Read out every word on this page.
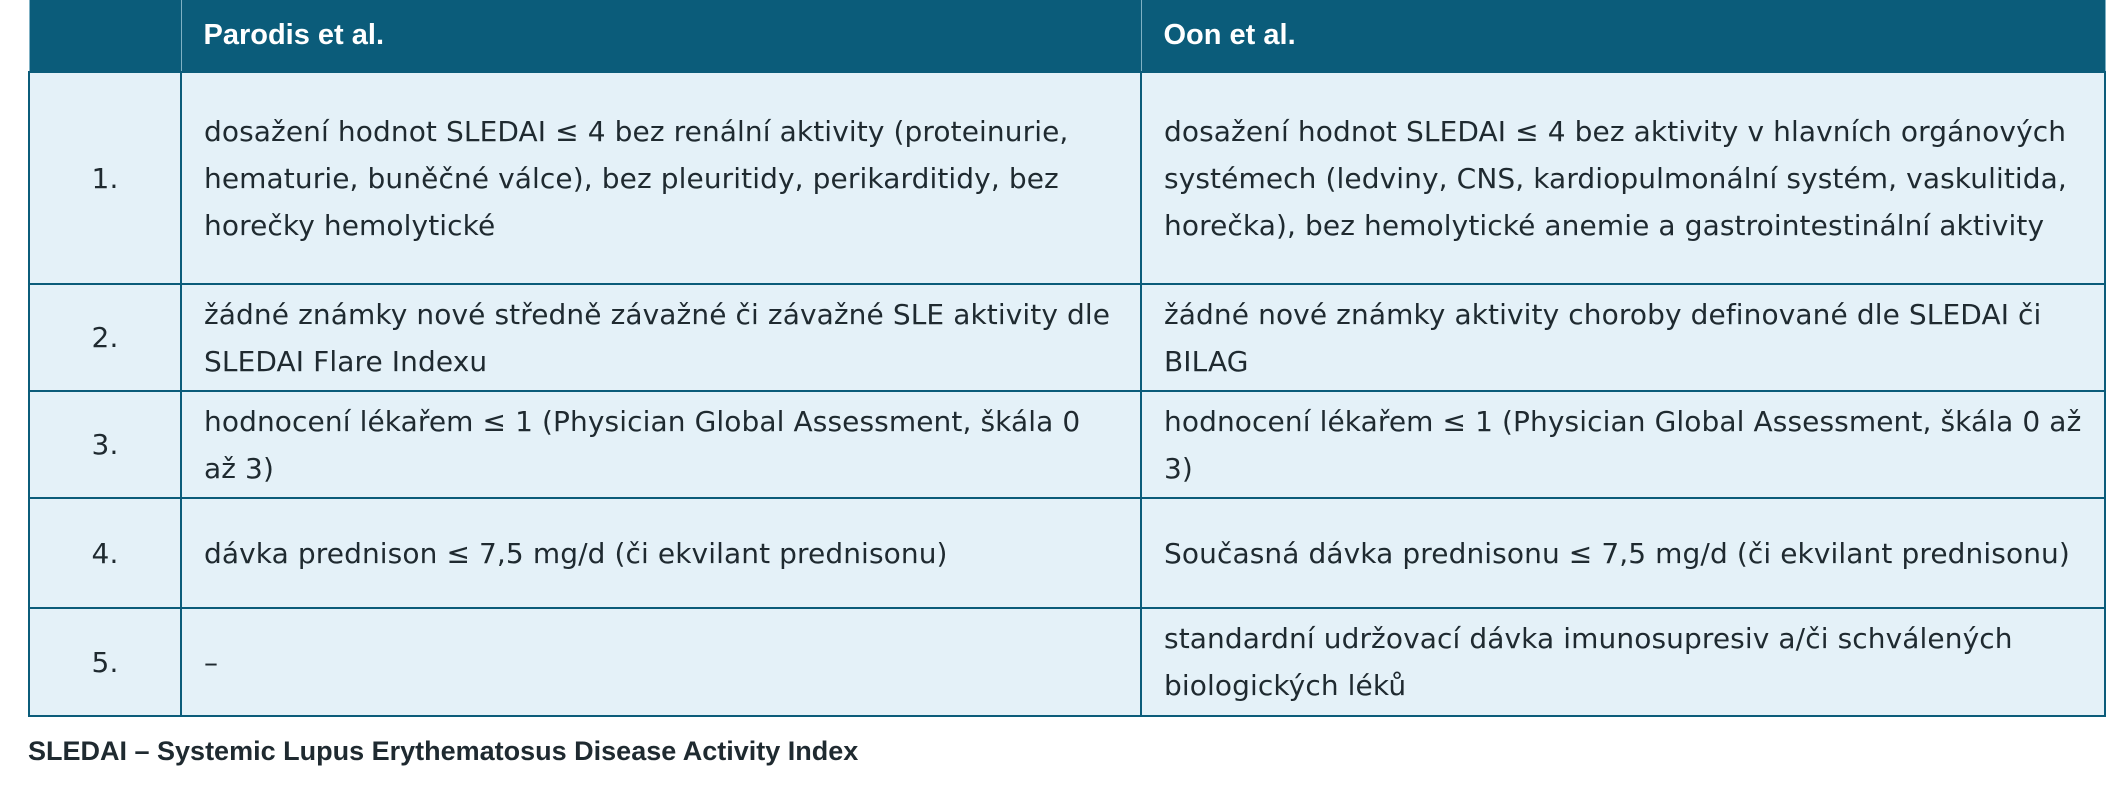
	Parodis et al.	Oon et al.
1.	dosažení hodnot SLEDAI ≤ 4 bez renální aktivity (proteinurie, hematurie, buněčné válce), bez pleuritidy, perikarditidy, bez horečky hemolytické	dosažení hodnot SLEDAI ≤ 4 bez aktivity v hlavních orgánových systémech (ledviny, CNS, kardiopulmonální systém, vaskulitida, horečka), bez hemolytické anemie a gastrointestinální aktivity
2.	žádné známky nové středně závažné či závažné SLE aktivity dle SLEDAI Flare Indexu	žádné nové známky aktivity choroby definované dle SLEDAI či BILAG
3.	hodnocení lékařem ≤ 1 (Physician Global Assessment, škála 0 až 3)	hodnocení lékařem ≤ 1 (Physician Global Assessment, škála 0 až 3)
4.	dávka prednison ≤ 7,5 mg/d (či ekvilant prednisonu)	Současná dávka prednisonu ≤ 7,5 mg/d (či ekvilant prednisonu)
5.	–	standardní udržovací dávka imunosupresiv a/či schválených biologických léků
SLEDAI – Systemic Lupus Erythematosus Disease Activity Index
